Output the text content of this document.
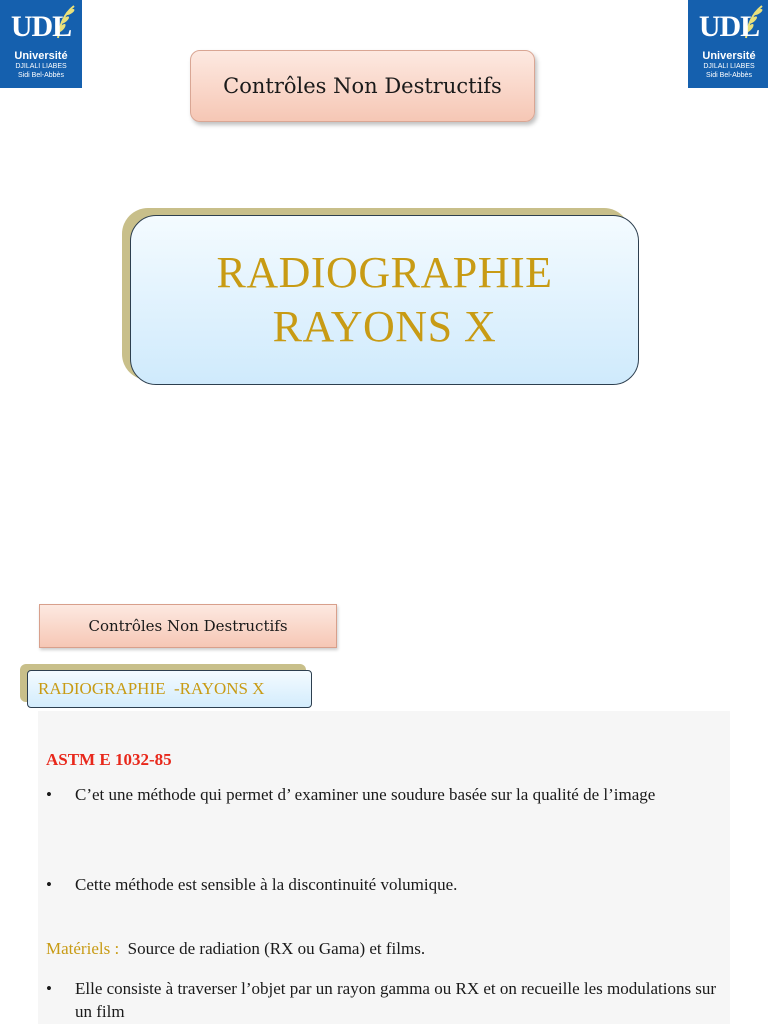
UDL
Université
DJILALI LIABES
Sidi Bel-Abbès
UDL
Université
DJILALI LIABES
Sidi Bel-Abbès
Contrôles Non Destructifs
RADIOGRAPHIE
RAYONS X
Contrôles Non Destructifs
RADIOGRAPHIE  -RAYONS X
ASTM E 1032-85
• C’et une méthode qui permet d’ examiner une soudure basée sur la qualité de l’image
• Cette méthode est sensible à la discontinuité volumique.
Matériels : Source de radiation (RX ou Gama) et films.
• Elle consiste à traverser l’objet par un rayon gamma ou RX et on recueille les modulations sur un film
